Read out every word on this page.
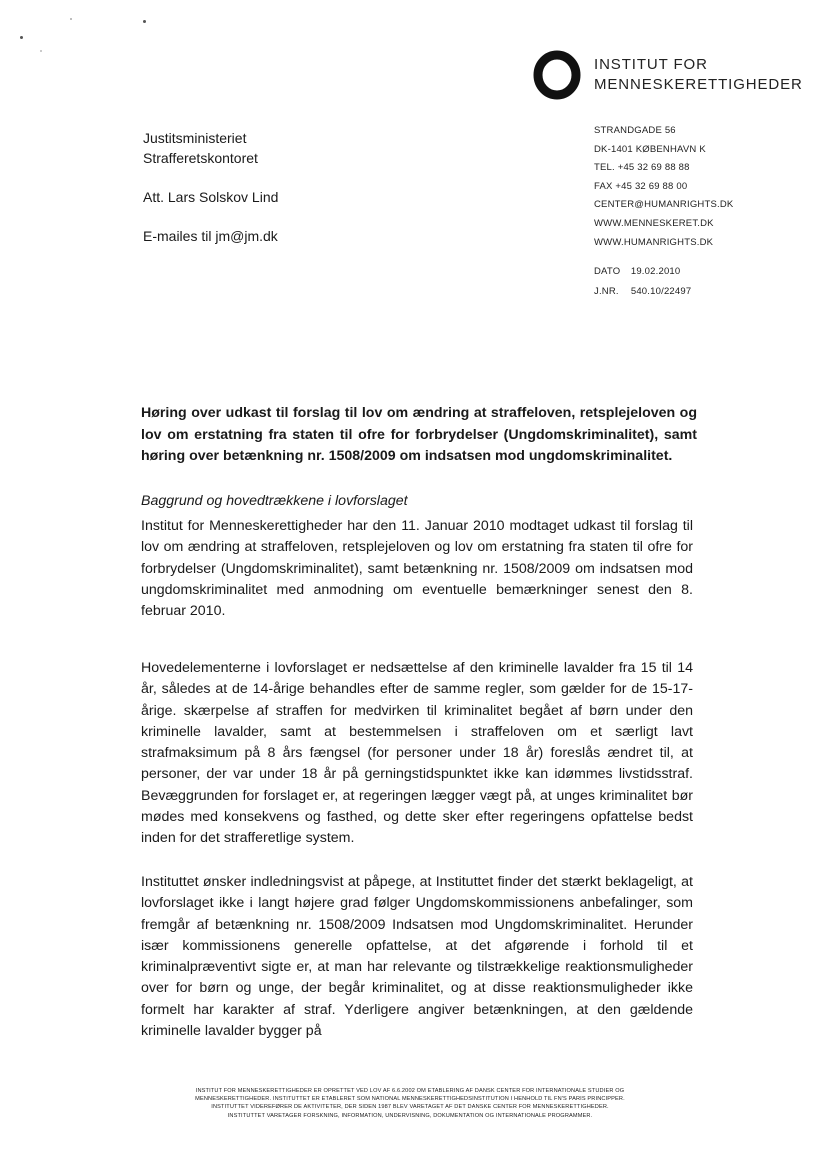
INSTITUT FOR
MENNESKERETTIGHEDER
Justitsministeriet
Strafferetskontoret
Att. Lars Solskov Lind
E-mailes til jm@jm.dk
STRANDGADE 56
DK-1401 KØBENHAVN K
TEL. +45 32 69 88 88
FAX +45 32 69 88 00
CENTER@HUMANRIGHTS.DK
WWW.MENNESKERET.DK
WWW.HUMANRIGHTS.DK
DATO 19.02.2010
J.NR. 540.10/22497
Høring over udkast til forslag til lov om ændring at straffeloven, retsplejeloven og lov om erstatning fra staten til ofre for forbrydelser (Ungdomskriminalitet), samt høring over betænkning nr. 1508/2009 om indsatsen mod ungdomskriminalitet.
Baggrund og hovedtrækkene i lovforslaget
Institut for Menneskerettigheder har den 11. Januar 2010 modtaget udkast til forslag til lov om ændring at straffeloven, retsplejeloven og lov om erstatning fra staten til ofre for forbrydelser (Ungdomskriminalitet), samt betænkning nr. 1508/2009 om indsatsen mod ungdomskriminalitet med anmodning om eventuelle bemærkninger senest den 8. februar 2010.
Hovedelementerne i lovforslaget er nedsættelse af den kriminelle lavalder fra 15 til 14 år, således at de 14-årige behandles efter de samme regler, som gælder for de 15-17-årige. skærpelse af straffen for medvirken til kriminalitet begået af børn under den kriminelle lavalder, samt at bestemmelsen i straffeloven om et særligt lavt strafmaksimum på 8 års fængsel (for personer under 18 år) foreslås ændret til, at personer, der var under 18 år på gerningstidspunktet ikke kan idømmes livstidsstraf. Bevæggrunden for forslaget er, at regeringen lægger vægt på, at unges kriminalitet bør mødes med konsekvens og fasthed, og dette sker efter regeringens opfattelse bedst inden for det strafferetlige system.
Instituttet ønsker indledningsvist at påpege, at Instituttet finder det stærkt beklageligt, at lovforslaget ikke i langt højere grad følger Ungdomskommissionens anbefalinger, som fremgår af betænkning nr. 1508/2009 Indsatsen mod Ungdomskriminalitet. Herunder især kommissionens generelle opfattelse, at det afgørende i forhold til et kriminalpræventivt sigte er, at man har relevante og tilstrækkelige reaktionsmuligheder over for børn og unge, der begår kriminalitet, og at disse reaktionsmuligheder ikke formelt har karakter af straf. Yderligere angiver betænkningen, at den gældende kriminelle lavalder bygger på
INSTITUT FOR MENNESKERETTIGHEDER ER OPRETTET VED LOV AF 6.6.2002 OM ETABLERING AF DANSK CENTER FOR INTERNATIONALE STUDIER OG
MENNESKERETTIGHEDER. INSTITUTTET ER ETABLERET SOM NATIONAL MENNESKERETTIGHEDSINSTITUTION I HENHOLD TIL FN'S PARIS PRINCIPPER.
INSTITUTTET VIDEREFØRER DE AKTIVITETER, DER SIDEN 1987 BLEV VARETAGET AF DET DANSKE CENTER FOR MENNESKERETTIGHEDER.
INSTITUTTET VARETAGER FORSKNING, INFORMATION, UNDERVISNING, DOKUMENTATION OG INTERNATIONALE PROGRAMMER.
